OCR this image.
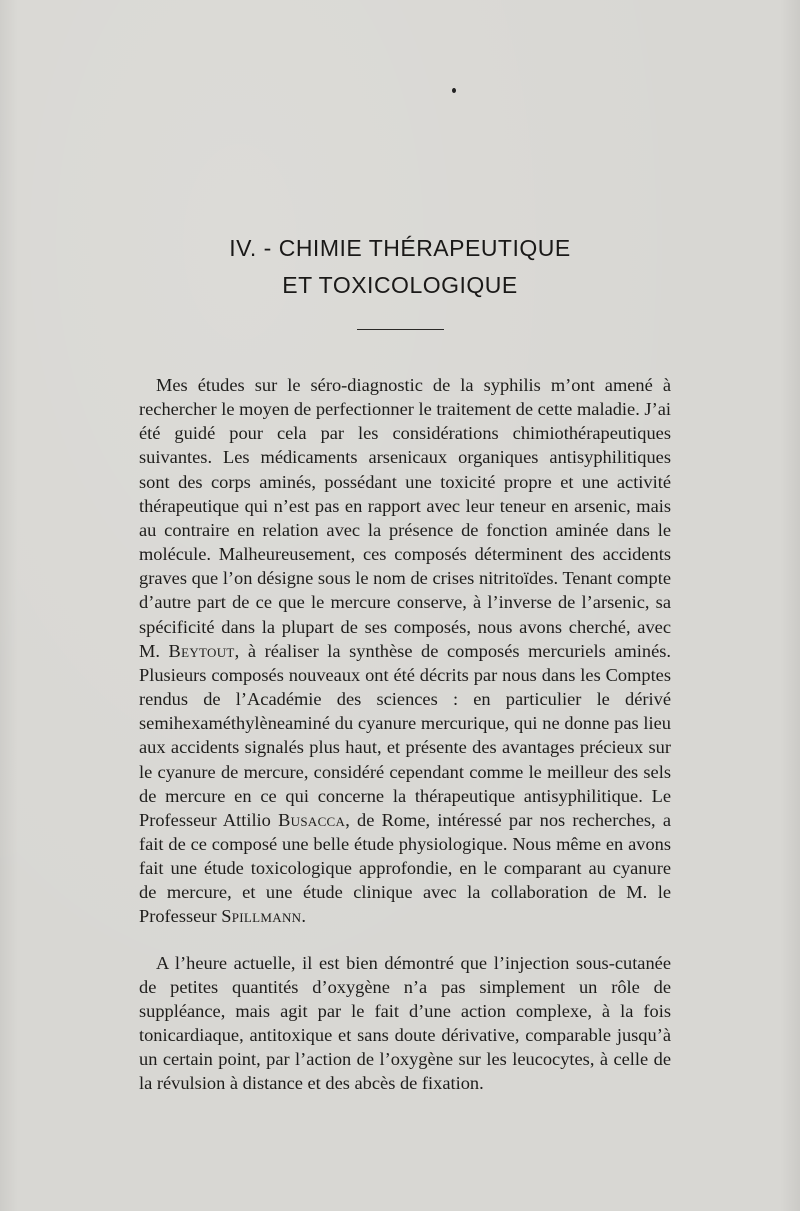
IV. - CHIMIE THÉRAPEUTIQUE
ET TOXICOLOGIQUE

Mes études sur le séro-diagnostic de la syphilis m’ont amené à rechercher le moyen de perfectionner le traitement de cette maladie. J’ai été guidé pour cela par les considérations chimiothérapeutiques suivantes. Les médicaments arsenicaux organiques antisyphilitiques sont des corps aminés, possédant une toxicité propre et une activité thérapeutique qui n’est pas en rapport avec leur teneur en arsenic, mais au contraire en relation avec la présence de fonction aminée dans le molécule. Malheureusement, ces composés déterminent des accidents graves que l’on désigne sous le nom de crises nitritoïdes. Tenant compte d’autre part de ce que le mercure conserve, à l’inverse de l’arsenic, sa spécificité dans la plupart de ses composés, nous avons cherché, avec M. Beytout, à réaliser la synthèse de composés mercuriels aminés. Plusieurs composés nouveaux ont été décrits par nous dans les Comptes rendus de l’Académie des sciences : en particulier le dérivé semihexaméthylèneaminé du cyanure mercurique, qui ne donne pas lieu aux accidents signalés plus haut, et présente des avantages précieux sur le cyanure de mercure, considéré cependant comme le meilleur des sels de mercure en ce qui concerne la thérapeutique antisyphilitique. Le Professeur Attilio Busacca, de Rome, intéressé par nos recherches, a fait de ce composé une belle étude physiologique. Nous même en avons fait une étude toxicologique approfondie, en le comparant au cyanure de mercure, et une étude clinique avec la collaboration de M. le Professeur Spillmann.

A l’heure actuelle, il est bien démontré que l’injection sous-cutanée de petites quantités d’oxygène n’a pas simplement un rôle de suppléance, mais agit par le fait d’une action complexe, à la fois tonicardiaque, antitoxique et sans doute dérivative, comparable jusqu’à un certain point, par l’action de l’oxygène sur les leucocytes, à celle de la révulsion à distance et des abcès de fixation.
